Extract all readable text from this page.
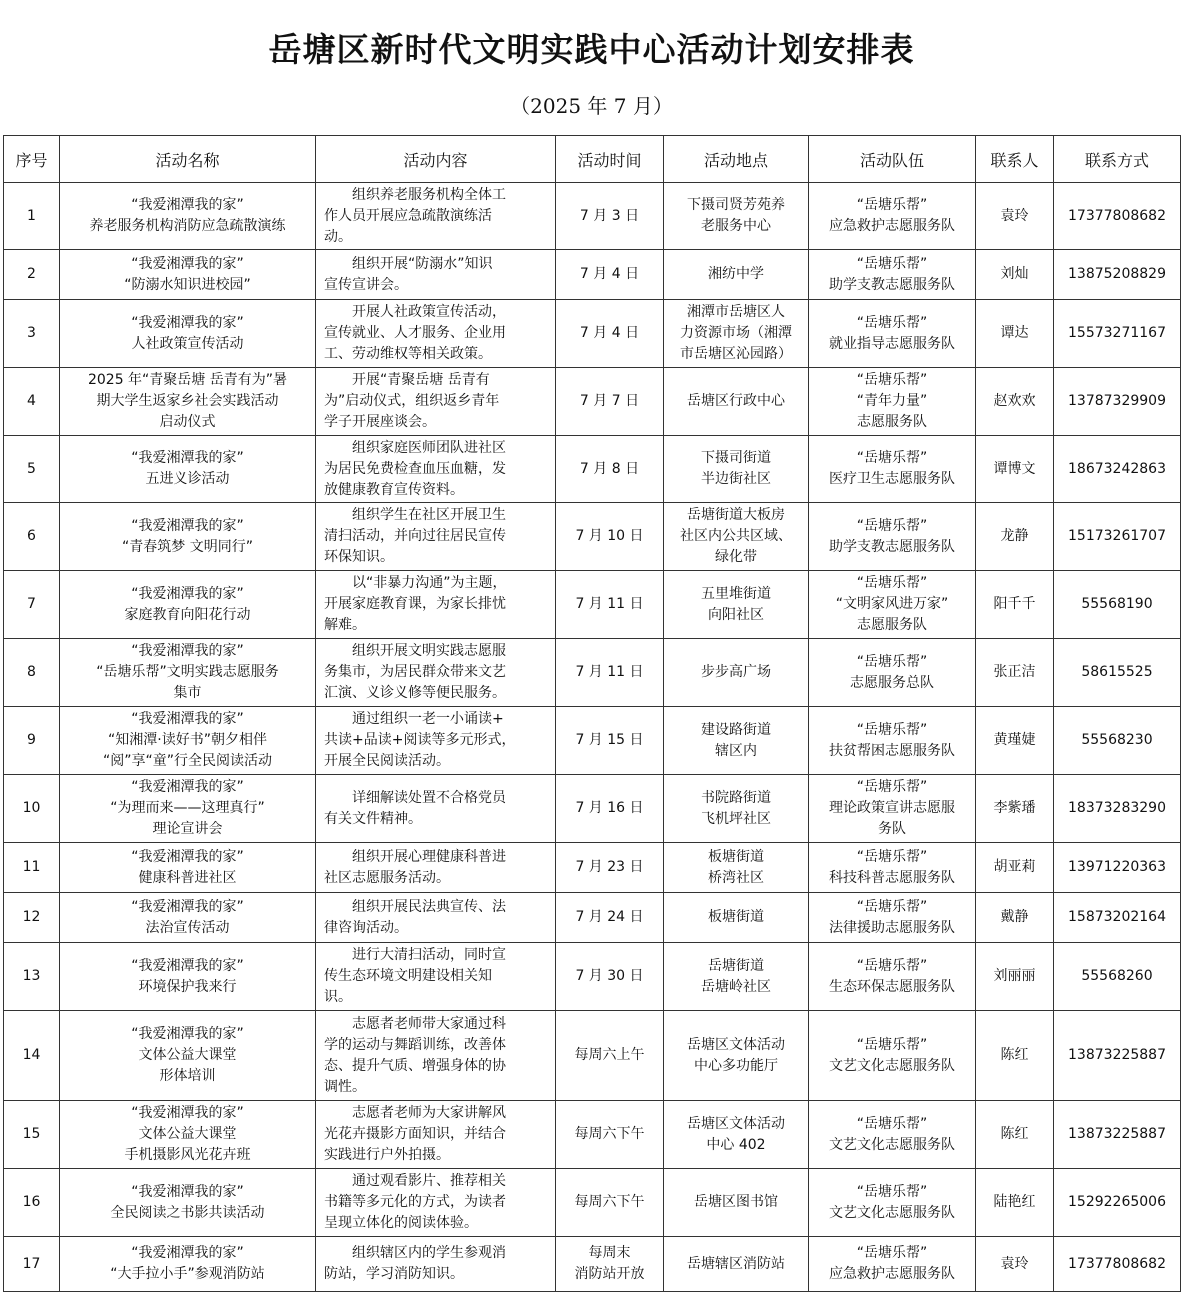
岳塘区新时代文明实践中心活动计划安排表
（2025 年 7 月）
序号	活动名称	活动内容	活动时间	活动地点	活动队伍	联系人	联系方式
1	“我爱湘潭我的家”
养老服务机构消防应急疏散演练	组织养老服务机构全体工
作人员开展应急疏散演练活
动。	7 月 3 日	下摄司贤芳苑养
老服务中心	“岳塘乐帮”
应急救护志愿服务队	袁玲	17377808682
2	“我爱湘潭我的家”
“防溺水知识进校园”	组织开展“防溺水”知识
宣传宣讲会。	7 月 4 日	湘纺中学	“岳塘乐帮”
助学支教志愿服务队	刘灿	13875208829
3	“我爱湘潭我的家”
人社政策宣传活动	开展人社政策宣传活动，
宣传就业、人才服务、企业用
工、劳动维权等相关政策。	7 月 4 日	湘潭市岳塘区人
力资源市场（湘潭
市岳塘区沁园路）	“岳塘乐帮”
就业指导志愿服务队	谭达	15573271167
4	2025 年“青聚岳塘 岳青有为”暑
期大学生返家乡社会实践活动
启动仪式	开展“青聚岳塘 岳青有
为”启动仪式，组织返乡青年
学子开展座谈会。	7 月 7 日	岳塘区行政中心	“岳塘乐帮”
“青年力量”
志愿服务队	赵欢欢	13787329909
5	“我爱湘潭我的家”
五进义诊活动	组织家庭医师团队进社区
为居民免费检查血压血糖，发
放健康教育宣传资料。	7 月 8 日	下摄司街道
半边街社区	“岳塘乐帮”
医疗卫生志愿服务队	谭博文	18673242863
6	“我爱湘潭我的家”
“青春筑梦 文明同行”	组织学生在社区开展卫生
清扫活动，并向过往居民宣传
环保知识。	7 月 10 日	岳塘街道大板房
社区内公共区域、
绿化带	“岳塘乐帮”
助学支教志愿服务队	龙静	15173261707
7	“我爱湘潭我的家”
家庭教育向阳花行动	以“非暴力沟通”为主题，
开展家庭教育课，为家长排忧
解难。	7 月 11 日	五里堆街道
向阳社区	“岳塘乐帮”
“文明家风进万家”
志愿服务队	阳千千	55568190
8	“我爱湘潭我的家”
“岳塘乐帮”文明实践志愿服务
集市	组织开展文明实践志愿服
务集市，为居民群众带来文艺
汇演、义诊义修等便民服务。	7 月 11 日	步步高广场	“岳塘乐帮”
志愿服务总队	张正洁	58615525
9	“我爱湘潭我的家”
“知湘潭·读好书”朝夕相伴
“阅”享“童”行全民阅读活动	通过组织一老一小诵读+
共读+品读+阅读等多元形式，
开展全民阅读活动。	7 月 15 日	建设路街道
辖区内	“岳塘乐帮”
扶贫帮困志愿服务队	黄瑾婕	55568230
10	“我爱湘潭我的家”
“为理而来——这理真行”
理论宣讲会	详细解读处置不合格党员
有关文件精神。	7 月 16 日	书院路街道
飞机坪社区	“岳塘乐帮”
理论政策宣讲志愿服
务队	李紫璠	18373283290
11	“我爱湘潭我的家”
健康科普进社区	组织开展心理健康科普进
社区志愿服务活动。	7 月 23 日	板塘街道
桥湾社区	“岳塘乐帮”
科技科普志愿服务队	胡亚莉	13971220363
12	“我爱湘潭我的家”
法治宣传活动	组织开展民法典宣传、法
律咨询活动。	7 月 24 日	板塘街道	“岳塘乐帮”
法律援助志愿服务队	戴静	15873202164
13	“我爱湘潭我的家”
环境保护我来行	进行大清扫活动，同时宣
传生态环境文明建设相关知
识。	7 月 30 日	岳塘街道
岳塘岭社区	“岳塘乐帮”
生态环保志愿服务队	刘丽丽	55568260
14	“我爱湘潭我的家”
文体公益大课堂
形体培训	志愿者老师带大家通过科
学的运动与舞蹈训练，改善体
态、提升气质、增强身体的协
调性。	每周六上午	岳塘区文体活动
中心多功能厅	“岳塘乐帮”
文艺文化志愿服务队	陈红	13873225887
15	“我爱湘潭我的家”
文体公益大课堂
手机摄影风光花卉班	志愿者老师为大家讲解风
光花卉摄影方面知识，并结合
实践进行户外拍摄。	每周六下午	岳塘区文体活动
中心 402	“岳塘乐帮”
文艺文化志愿服务队	陈红	13873225887
16	“我爱湘潭我的家”
全民阅读之书影共读活动	通过观看影片、推荐相关
书籍等多元化的方式，为读者
呈现立体化的阅读体验。	每周六下午	岳塘区图书馆	“岳塘乐帮”
文艺文化志愿服务队	陆艳红	15292265006
17	“我爱湘潭我的家”
“大手拉小手”参观消防站	组织辖区内的学生参观消
防站，学习消防知识。	每周末
消防站开放	岳塘辖区消防站	“岳塘乐帮”
应急救护志愿服务队	袁玲	17377808682
